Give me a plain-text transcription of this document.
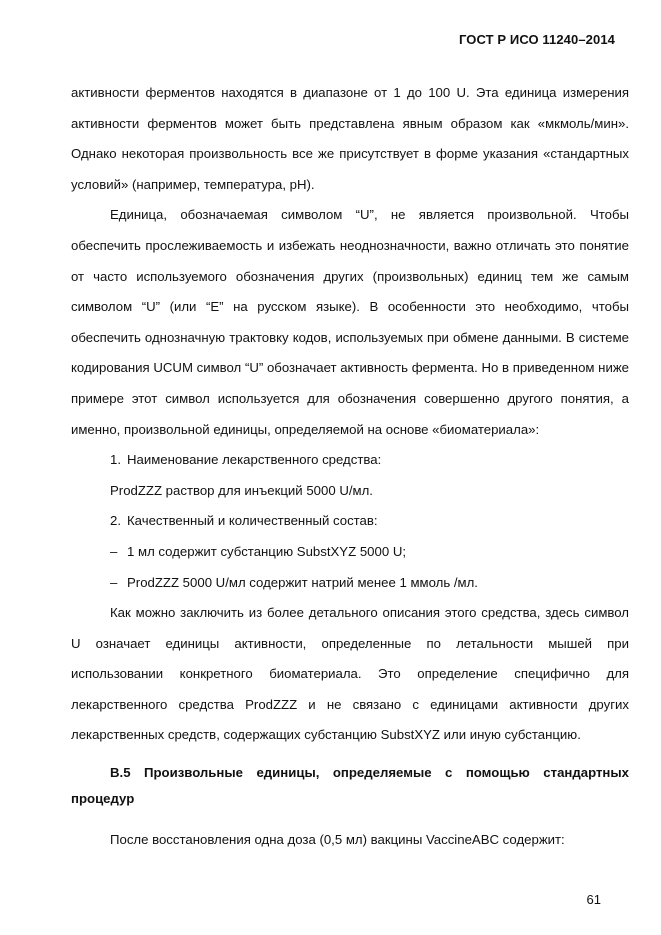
ГОСТ Р ИСО 11240–2014

активности ферментов находятся в диапазоне от 1 до 100 U. Эта единица измерения активности ферментов может быть представлена явным образом как «мкмоль/мин». Однако некоторая произвольность все же присутствует в форме указания «стандартных условий» (например, температура, pH).

Единица, обозначаемая символом “U”, не является произвольной. Чтобы обеспечить прослеживаемость и избежать неоднозначности, важно отличать это понятие от часто используемого обозначения других (произвольных) единиц тем же самым символом “U” (или “E” на русском языке). В особенности это необходимо, чтобы обеспечить однозначную трактовку кодов, используемых при обмене данными. В системе кодирования UCUM символ “U” обозначает активность фермента. Но в приведенном ниже примере этот символ используется для обозначения совершенно другого понятия, а именно, произвольной единицы, определяемой на основе «биоматериала»:

1. Наименование лекарственного средства:

ProdZZZ раствор для инъекций 5000 U/мл.

2. Качественный и количественный состав:

– 1 мл содержит субстанцию SubstXYZ 5000 U;

– ProdZZZ 5000 U/мл содержит натрий менее 1 ммоль /мл.

Как можно заключить из более детального описания этого средства, здесь символ U означает единицы активности, определенные по летальности мышей при использовании конкретного биоматериала. Это определение специфично для лекарственного средства ProdZZZ и не связано с единицами активности других лекарственных средств, содержащих субстанцию SubstXYZ или иную субстанцию.

B.5 Произвольные единицы, определяемые с помощью стандартных процедур

После восстановления одна доза (0,5 мл) вакцины VaccineABC содержит:

61
